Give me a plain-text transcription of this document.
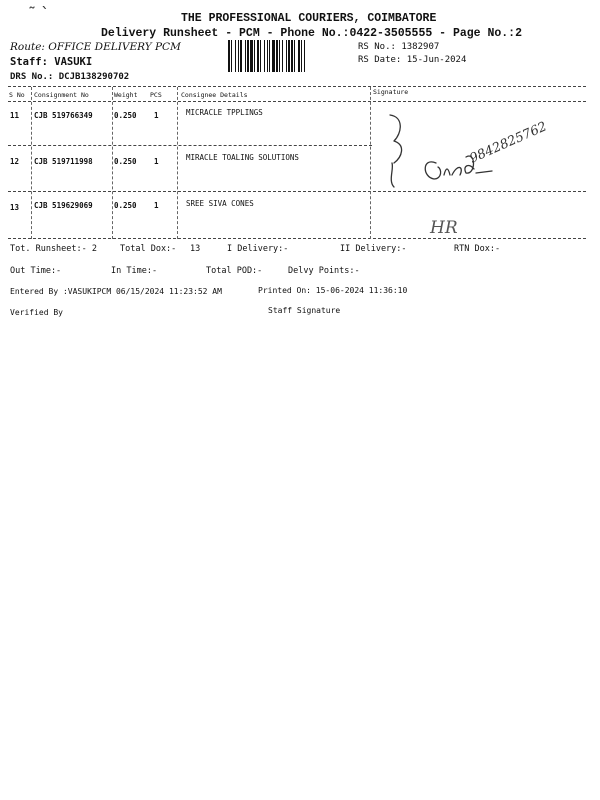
˜ ˋ	THE PROFESSIONAL COURIERS, COIMBATORE
Delivery Runsheet - PCM - Phone No.:0422-3505555 - Page No.:2
Route: OFFICE DELIVERY PCM
Staff: VASUKI
DRS No.: DCJB138290702
RS No.: 1382907
RS Date: 15-Jun-2024
S No Consignment No	Weight PCS	Consignee Details	Signature
11 CJB 519766349	0.250 1	MICRACLE TPPLINGS
12 CJB 519711998	0.250 1	MIRACLE TOALING SOLUTIONS
13 CJB 519629069	0.250 1	SREE SIVA CONES
9842825762
HR
Tot. Runsheet:- 2	Total Dox:- 13	I Delivery:-	II Delivery:-	RTN Dox:-
Out Time:-	In Time:-	Total POD:-	Delvy Points:-
Entered By :VASUKIPCM 06/15/2024 11:23:52 AM	Printed On: 15-06-2024 11:36:10
Verified By	Staff Signature
